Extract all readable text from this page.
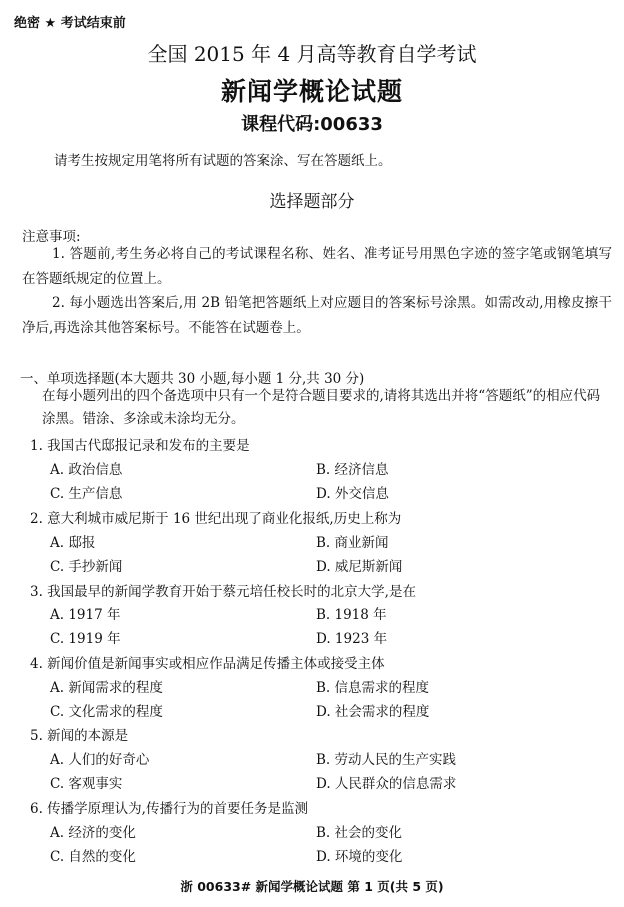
绝密 ★ 考试结束前
全国 2015 年 4 月高等教育自学考试
新闻学概论试题
课程代码:00633
请考生按规定用笔将所有试题的答案涂、写在答题纸上。
选择题部分
注意事项:
1. 答题前,考生务必将自己的考试课程名称、姓名、准考证号用黑色字迹的签字笔或钢笔填写在答题纸规定的位置上。
2. 每小题选出答案后,用 2B 铅笔把答题纸上对应题目的答案标号涂黑。如需改动,用橡皮擦干净后,再选涂其他答案标号。不能答在试题卷上。
一、单项选择题(本大题共 30 小题,每小题 1 分,共 30 分)
在每小题列出的四个备选项中只有一个是符合题目要求的,请将其选出并将“答题纸”的相应代码涂黑。错涂、多涂或未涂均无分。
1. 我国古代邸报记录和发布的主要是
A. 政治信息	B. 经济信息
C. 生产信息	D. 外交信息
2. 意大利城市威尼斯于 16 世纪出现了商业化报纸,历史上称为
A. 邸报	B. 商业新闻
C. 手抄新闻	D. 威尼斯新闻
3. 我国最早的新闻学教育开始于蔡元培任校长时的北京大学,是在
A. 1917 年	B. 1918 年
C. 1919 年	D. 1923 年
4. 新闻价值是新闻事实或相应作品满足传播主体或接受主体
A. 新闻需求的程度	B. 信息需求的程度
C. 文化需求的程度	D. 社会需求的程度
5. 新闻的本源是
A. 人们的好奇心	B. 劳动人民的生产实践
C. 客观事实	D. 人民群众的信息需求
6. 传播学原理认为,传播行为的首要任务是监测
A. 经济的变化	B. 社会的变化
C. 自然的变化	D. 环境的变化
浙 00633# 新闻学概论试题 第 1 页(共 5 页)
